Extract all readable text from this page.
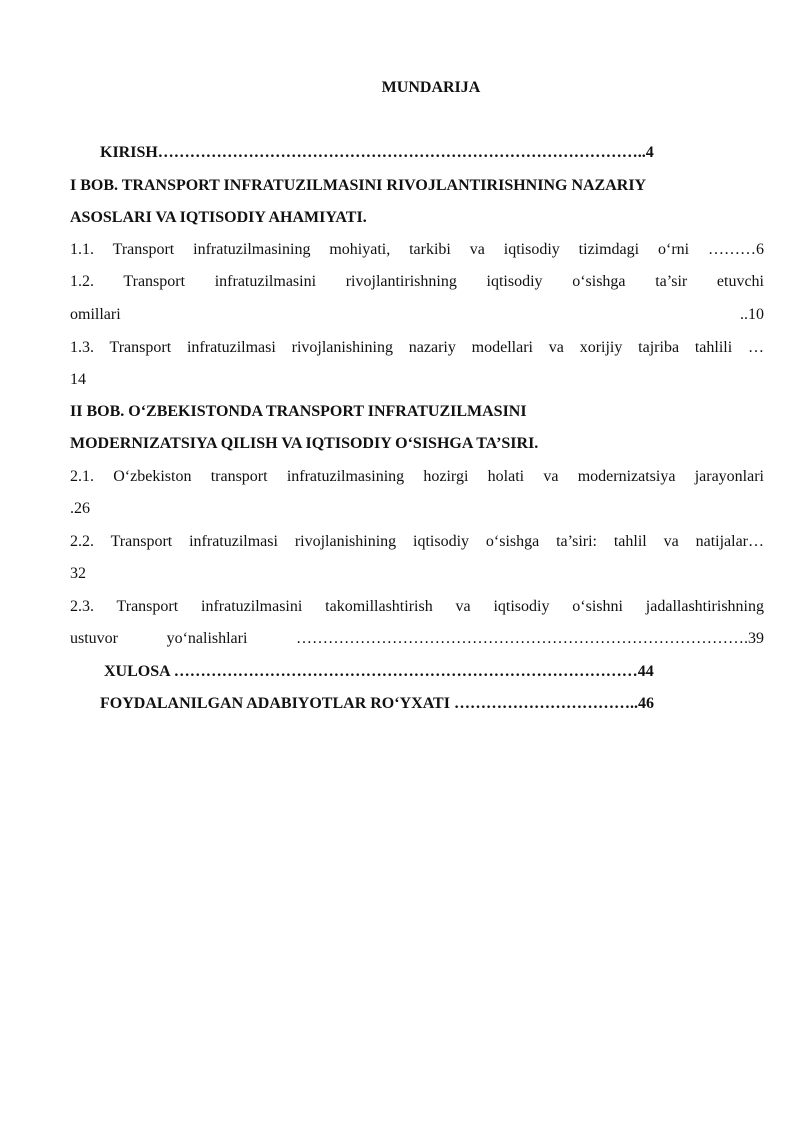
MUNDARIJA
KIRISH………………………………………………………………………………..4
I BOB. TRANSPORT INFRATUZILMASINI RIVOJLANTIRISHNING NAZARIY
ASOSLARI VA IQTISODIY AHAMIYATI.
1.1. Transport infratuzilmasining mohiyati, tarkibi va iqtisodiy tizimdagi o‘rni ………6
1.2. Transport infratuzilmasini rivojlantirishning iqtisodiy o‘sishga ta’sir etuvchi
omillari	..10
1.3. Transport infratuzilmasi rivojlanishining nazariy modellari va xorijiy tajriba tahlili …
14
II BOB. O‘ZBEKISTONDA TRANSPORT INFRATUZILMASINI
MODERNIZATSIYA QILISH VA IQTISODIY O‘SISHGA TA’SIRI.
2.1. O‘zbekiston transport infratuzilmasining hozirgi holati va modernizatsiya jarayonlari
.26
2.2. Transport infratuzilmasi rivojlanishining iqtisodiy o‘sishga ta’siri: tahlil va natijalar…
32
2.3. Transport infratuzilmasini takomillashtirish va iqtisodiy o‘sishni jadallashtirishning
ustuvor yo‘nalishlari ………………………………………………………………………….39
XULOSA ……………………………………………………………………………44
FOYDALANILGAN ADABIYOTLAR RO‘YXATI ……………………………..46
